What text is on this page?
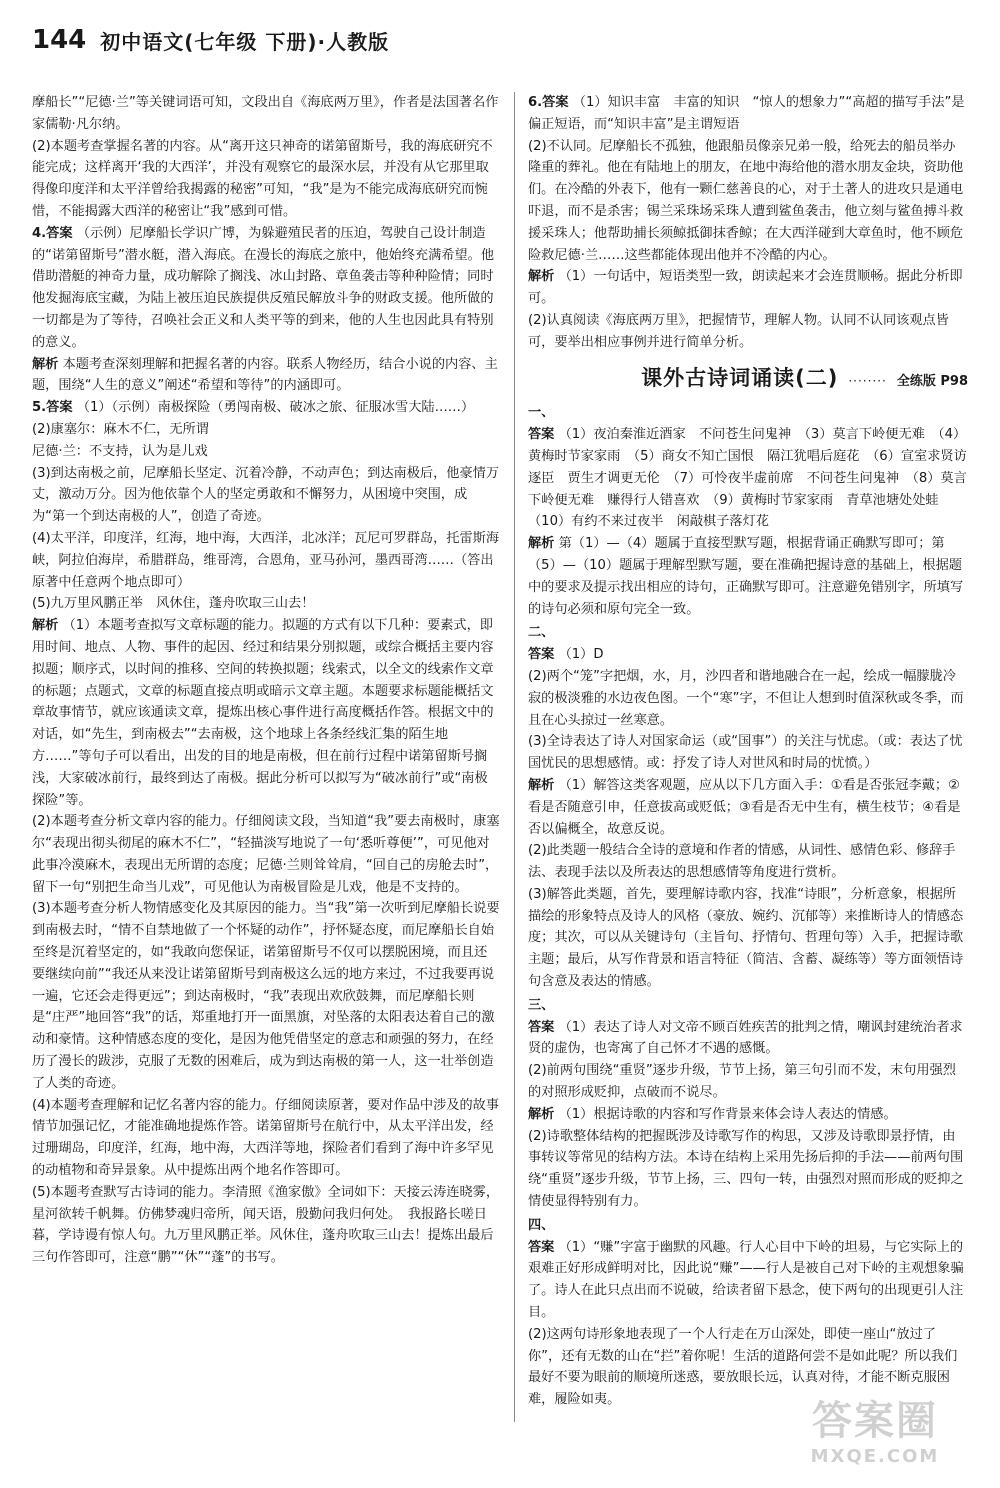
144 初中语文(七年级 下册)·人教版

摩船长”“尼德·兰”等关键词语可知，文段出自《海底两万里》，作者是法国著名作家儒勒·凡尔纳。

(2)本题考查掌握名著的内容。从“离开这只神奇的诺第留斯号，我的海底研究不能完成；这样离开‘我的大西洋’，并没有观察它的最深水层，并没有从它那里取得像印度洋和太平洋曾给我揭露的秘密”可知，“我”是为不能完成海底研究而惋惜，不能揭露大西洋的秘密让“我”感到可惜。

4.答案 （示例）尼摩船长学识广博，为躲避殖民者的压迫，驾驶自己设计制造的“诺第留斯号”潜水艇，潜入海底。在漫长的海底之旅中，他始终充满希望。他借助潜艇的神奇力量，成功解除了搁浅、冰山封路、章鱼袭击等种种险情；同时他发掘海底宝藏，为陆上被压迫民族提供反殖民解放斗争的财政支援。他所做的一切都是为了等待，召唤社会正义和人类平等的到来，他的人生也因此具有特别的意义。

解析 本题考查深刻理解和把握名著的内容。联系人物经历，结合小说的内容、主题，围绕“人生的意义”阐述“希望和等待”的内涵即可。

5.答案 （1）（示例）南极探险（勇闯南极、破冰之旅、征服冰雪大陆……）

(2)康塞尔：麻木不仁，无所谓

尼德·兰：不支持，认为是儿戏

(3)到达南极之前，尼摩船长坚定、沉着冷静，不动声色；到达南极后，他豪情万丈，激动万分。因为他依靠个人的坚定勇敢和不懈努力，从困境中突围，成为“第一个到达南极的人”，创造了奇迹。

(4)太平洋，印度洋，红海，地中海，大西洋，北冰洋；瓦尼可罗群岛，托雷斯海峡，阿拉伯海岸，希腊群岛，维哥湾，合恩角，亚马孙河，墨西哥湾……（答出原著中任意两个地点即可）

(5)九万里风鹏正举　风休住，蓬舟吹取三山去！

解析 （1）本题考查拟写文章标题的能力。拟题的方式有以下几种：要素式，即用时间、地点、人物、事件的起因、经过和结果分别拟题，或综合概括主要内容拟题；顺序式，以时间的推移、空间的转换拟题；线索式，以全文的线索作文章的标题；点题式，文章的标题直接点明或暗示文章主题。本题要求标题能概括文章故事情节，就应该通读文章，提炼出核心事件进行高度概括作答。根据文中的对话，如“先生，到南极去”“去南极，这个地球上各条经线汇集的陌生地方……”等句子可以看出，出发的目的地是南极，但在前行过程中诺第留斯号搁浅，大家破冰前行，最终到达了南极。据此分析可以拟写为“破冰前行”或“南极探险”等。

(2)本题考查分析文章内容的能力。仔细阅读文段，当知道“我”要去南极时，康塞尔“表现出彻头彻尾的麻木不仁”，“轻描淡写地说了一句‘悉听尊便’”，可见他对此事冷漠麻木，表现出无所谓的态度；尼德·兰则耸耸肩，“回自己的房舱去时”，留下一句“别把生命当儿戏”，可见他认为南极冒险是儿戏，他是不支持的。

(3)本题考查分析人物情感变化及其原因的能力。当“我”第一次听到尼摩船长说要到南极去时，“情不自禁地做了一个怀疑的动作”，抒怀疑态度，而尼摩船长自始至终是沉着坚定的，如“我敢向您保证，诺第留斯号不仅可以摆脱困境，而且还要继续向前”“我还从来没让诺第留斯号到南极这么远的地方来过，不过我要再说一遍，它还会走得更远”；到达南极时，“我”表现出欢欣鼓舞，而尼摩船长则是“庄严”地回答“我”的话，郑重地打开一面黑旗，对坠落的太阳表达着自己的激动和豪情。这种情感态度的变化，是因为他凭借坚定的意志和顽强的努力，在经历了漫长的跋涉，克服了无数的困难后，成为到达南极的第一人，这一壮举创造了人类的奇迹。

(4)本题考查理解和记忆名著内容的能力。仔细阅读原著，要对作品中涉及的故事情节加强记忆，才能准确地提炼作答。诺第留斯号在航行中，从太平洋出发，经过珊瑚岛，印度洋，红海，地中海，大西洋等地，探险者们看到了海中许多罕见的动植物和奇异景象。从中提炼出两个地名作答即可。

(5)本题考查默写古诗词的能力。李清照《渔家傲》全词如下：天接云涛连晓雾，星河欲转千帆舞。仿佛梦魂归帝所，闻天语，殷勤问我归何处。　我报路长嗟日暮，学诗谩有惊人句。九万里风鹏正举。风休住，蓬舟吹取三山去！提炼出最后三句作答即可，注意“鹏”“休”“蓬”的书写。

6.答案 （1）知识丰富　丰富的知识　“惊人的想象力”“高超的描写手法”是偏正短语，而“知识丰富”是主谓短语

(2)不认同。尼摩船长不孤独，他跟船员像亲兄弟一般，给死去的船员举办隆重的葬礼。他在有陆地上的朋友，在地中海给他的潜水朋友金块，资助他们。在冷酷的外表下，他有一颗仁慈善良的心，对于土著人的进攻只是通电吓退，而不是杀害；锡兰采珠场采珠人遭到鲨鱼袭击，他立刻与鲨鱼搏斗救援采珠人；他帮助捕长须鲸抵御抹香鲸；在大西洋碰到大章鱼时，他不顾危险救尼德·兰……这些都能体现出他并不冷酷的内心。

解析 （1）一句话中，短语类型一致，朗读起来才会连贯顺畅。据此分析即可。

(2)认真阅读《海底两万里》，把握情节，理解人物。认同不认同该观点皆可，要举出相应事例并进行简单分析。

课外古诗词诵读(二) ········ 全练版 P98

一、

答案 （1）夜泊秦淮近酒家　不问苍生问鬼神　（3）莫言下岭便无难　（4）黄梅时节家家雨　（5）商女不知亡国恨　隔江犹唱后庭花　（6）宣室求贤访逐臣　贾生才调更无伦　（7）可怜夜半虚前席　不问苍生问鬼神　（8）莫言下岭便无难　赚得行人错喜欢　（9）黄梅时节家家雨　青草池塘处处蛙　（10）有约不来过夜半　闲敲棋子落灯花

解析 第（1）—（4）题属于直接型默写题，根据背诵正确默写即可；第（5）—（10）题属于理解型默写题，要在准确把握诗意的基础上，根据题中的要求及提示找出相应的诗句，正确默写即可。注意避免错别字，所填写的诗句必须和原句完全一致。

二、

答案 （1）D

(2)两个“笼”字把烟，水，月，沙四者和谐地融合在一起，绘成一幅朦胧冷寂的极淡雅的水边夜色图。一个“寒”字，不但让人想到时值深秋或冬季，而且在心头掠过一丝寒意。

(3)全诗表达了诗人对国家命运（或“国事”）的关注与忧虑。（或：表达了忧国忧民的思想感情。或：抒发了诗人对世风和时局的忧愤。）

解析 （1）解答这类客观题，应从以下几方面入手：①看是否张冠李戴；②看是否随意引申，任意拔高或贬低；③看是否无中生有，横生枝节；④看是否以偏概全，故意反说。

(2)此类题一般结合全诗的意境和作者的情感，从词性、感情色彩、修辞手法、表现手法以及所表达的思想感情等角度进行赏析。

(3)解答此类题，首先，要理解诗歌内容，找准“诗眼”，分析意象，根据所描绘的形象特点及诗人的风格（豪放、婉约、沉郁等）来推断诗人的情感态度；其次，可以从关键诗句（主旨句、抒情句、哲理句等）入手，把握诗歌主题；最后，从写作背景和语言特征（简洁、含蓄、凝练等）等方面领悟诗句含意及表达的情感。

三、

答案 （1）表达了诗人对文帝不顾百姓疾苦的批判之情，嘲讽封建统治者求贤的虚伪，也寄寓了自己怀才不遇的感慨。

(2)前两句围绕“重贤”逐步升级，节节上扬，第三句引而不发，末句用强烈的对照形成贬抑，点破而不说尽。

解析 （1）根据诗歌的内容和写作背景来体会诗人表达的情感。

(2)诗歌整体结构的把握既涉及诗歌写作的构思，又涉及诗歌即景抒情，由事转议等常见的结构方法。本诗在结构上采用先扬后抑的手法——前两句围绕“重贤”逐步升级，节节上扬，三、四句一转，由强烈对照而形成的贬抑之情使显得特别有力。

四、

答案 （1）“赚”字富于幽默的风趣。行人心目中下岭的坦易，与它实际上的艰难正好形成鲜明对比，因此说“赚”——行人是被自己对下岭的主观想象骗了。诗人在此只点出而不说破，给读者留下悬念，使下两句的出现更引人注目。

(2)这两句诗形象地表现了一个人行走在万山深处，即使一座山“放过了你”，还有无数的山在“拦”着你呢！生活的道路何尝不是如此呢？所以我们最好不要为眼前的顺境所迷惑，要放眼长远，认真对待，才能不断克服困难，履险如夷。	答案圈
MXQE.COM
